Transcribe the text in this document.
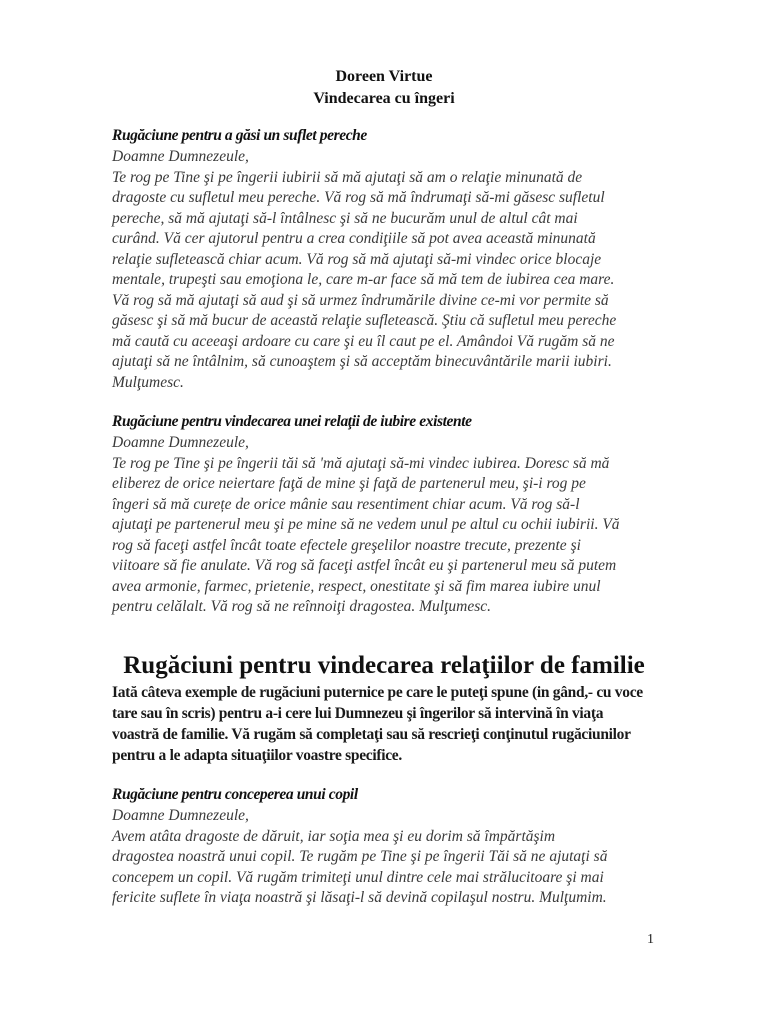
Doreen Virtue
Vindecarea cu îngeri
Rugăciune pentru a găsi un suflet pereche
Doamne Dumnezeule,
Te rog pe Tine şi pe îngerii iubirii să mă ajutaţi să am o relaţie minunată de
dragoste cu sufletul meu pereche. Vă rog să mă îndrumaţi să-mi găsesc sufletul
pereche, să mă ajutaţi să-l întâlnesc şi să ne bucurăm unul de altul cât mai
curând. Vă cer ajutorul pentru a crea condiţiile să pot avea această minunată
relaţie sufletească chiar acum. Vă rog să mă ajutaţi să-mi vindec orice blocaje
mentale, trupeşti sau emoţiona le, care m-ar face să mă tem de iubirea cea mare.
Vă rog să mă ajutaţi să aud şi să urmez îndrumările divine ce-mi vor permite să
găsesc şi să mă bucur de această relaţie sufletească. Ştiu că sufletul meu pereche
mă caută cu aceeaşi ardoare cu care şi eu îl caut pe el. Amândoi Vă rugăm să ne
ajutaţi să ne întâlnim, să cunoaştem şi să acceptăm binecuvântările marii iubiri.
Mulţumesc.
Rugăciune pentru vindecarea unei relaţii de iubire existente
Doamne Dumnezeule,
Te rog pe Tine şi pe îngerii tăi să 'mă ajutaţi să-mi vindec iubirea. Doresc să mă
eliberez de orice neiertare faţă de mine şi faţă de partenerul meu, şi-i rog pe
îngeri să mă curețe de orice mânie sau resentiment chiar acum. Vă rog să-l
ajutaţi pe partenerul meu şi pe mine să ne vedem unul pe altul cu ochii iubirii. Vă
rog să faceţi astfel încât toate efectele greşelilor noastre trecute, prezente şi
viitoare să fie anulate. Vă rog să faceţi astfel încât eu şi partenerul meu să putem
avea armonie, farmec, prietenie, respect, onestitate şi să fim marea iubire unul
pentru celălalt. Vă rog să ne reînnoiţi dragostea. Mulţumesc.
Rugăciuni pentru vindecarea relaţiilor de familie
Iată câteva exemple de rugăciuni puternice pe care le puteţi spune (in gând,- cu voce
tare sau în scris) pentru a-i cere lui Dumnezeu şi îngerilor să intervină în viaţa
voastră de familie. Vă rugăm să completaţi sau să rescrieţi conţinutul rugăciunilor
pentru a le adapta situaţiilor voastre specifice.
Rugăciune pentru conceperea unui copil
Doamne Dumnezeule,
Avem atâta dragoste de dăruit, iar soţia mea şi eu dorim să împărtăşim
dragostea noastră unui copil. Te rugăm pe Tine şi pe îngerii Tăi să ne ajutaţi să
concepem un copil. Vă rugăm trimiteţi unul dintre cele mai strălucitoare şi mai
fericite suflete în viaţa noastră şi lăsaţi-l să devină copilaşul nostru. Mulţumim.
1
